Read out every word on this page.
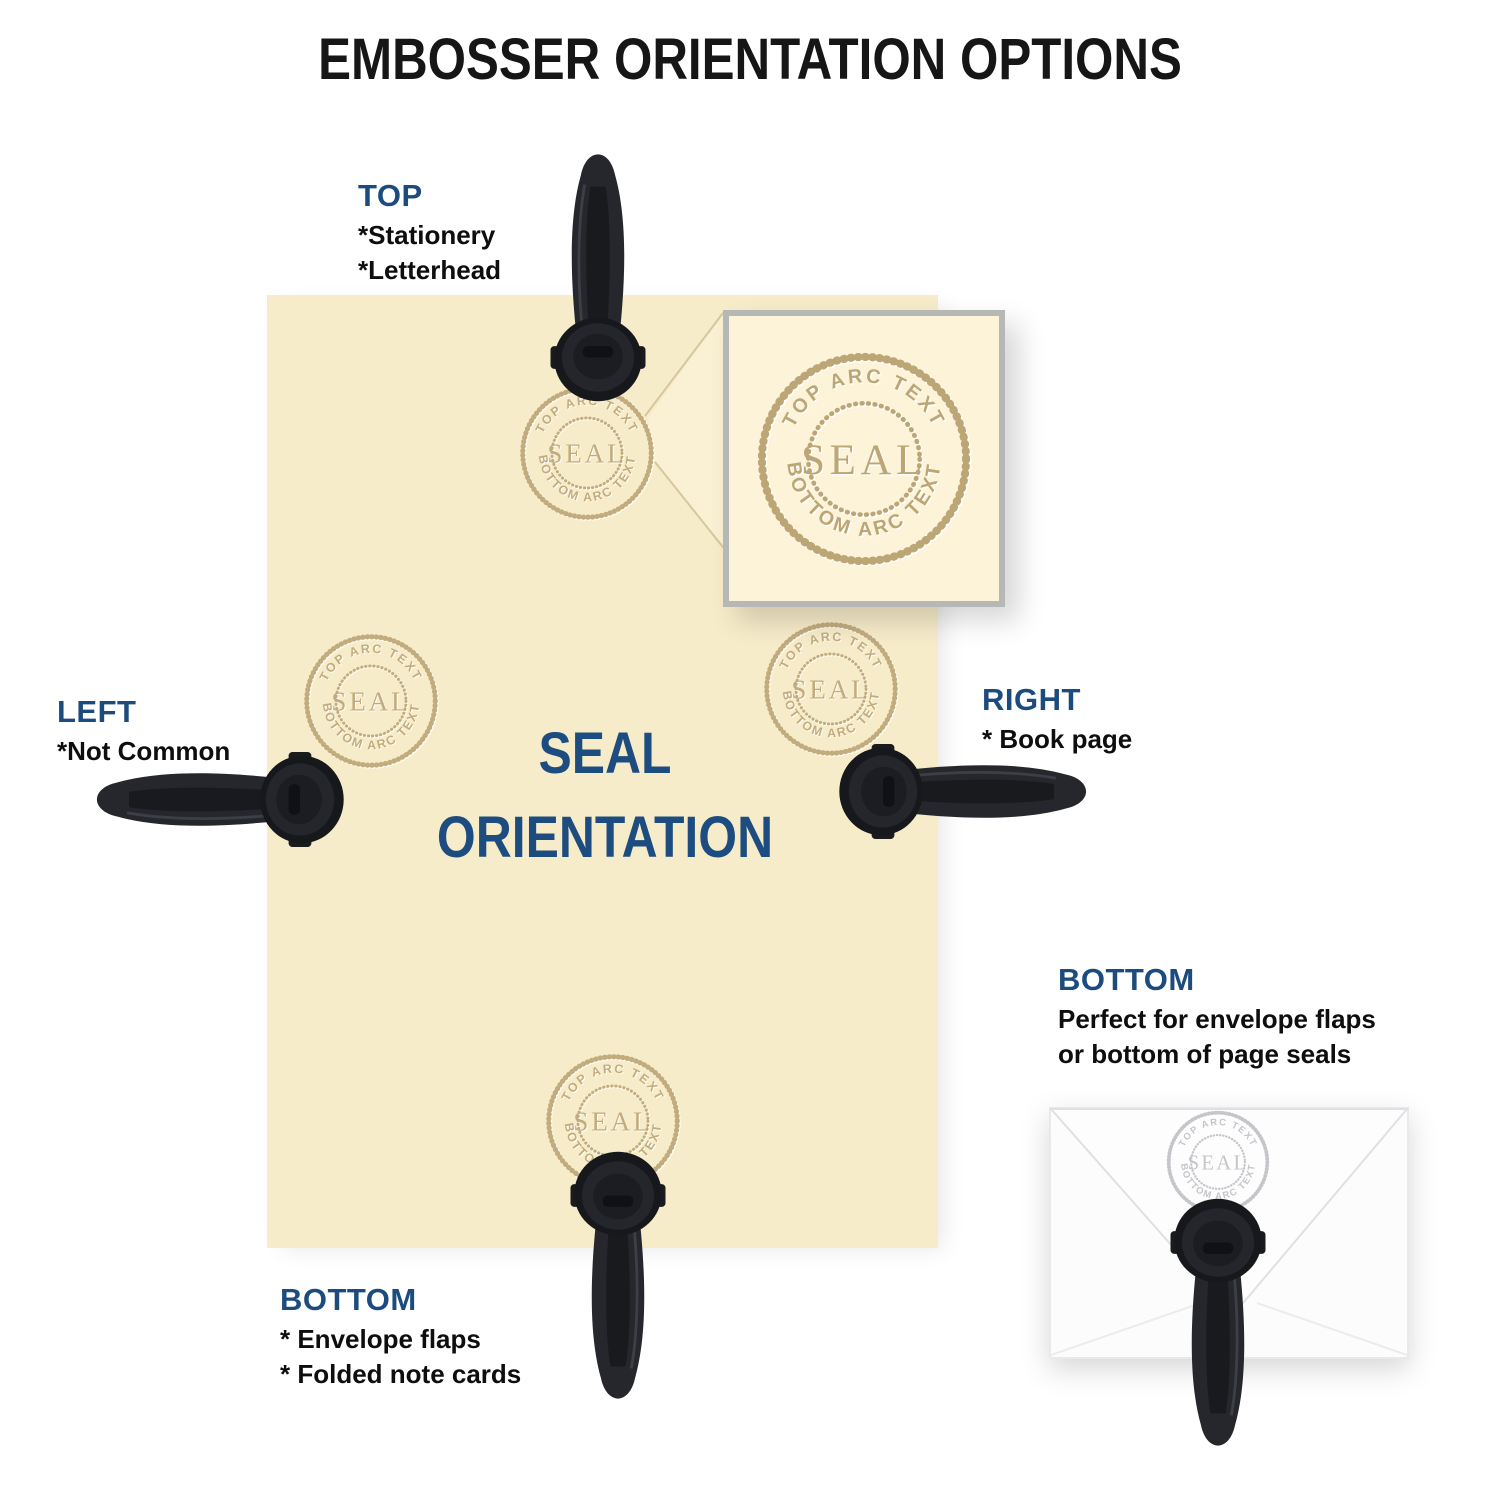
EMBOSSER ORIENTATION OPTIONS
SEAL
ORIENTATION
TOP
*Stationery
*Letterhead
LEFT
*Not Common
RIGHT
* Book page
BOTTOM
* Envelope flaps
* Folded note cards
BOTTOM
Perfect for envelope flaps
or bottom of page seals
